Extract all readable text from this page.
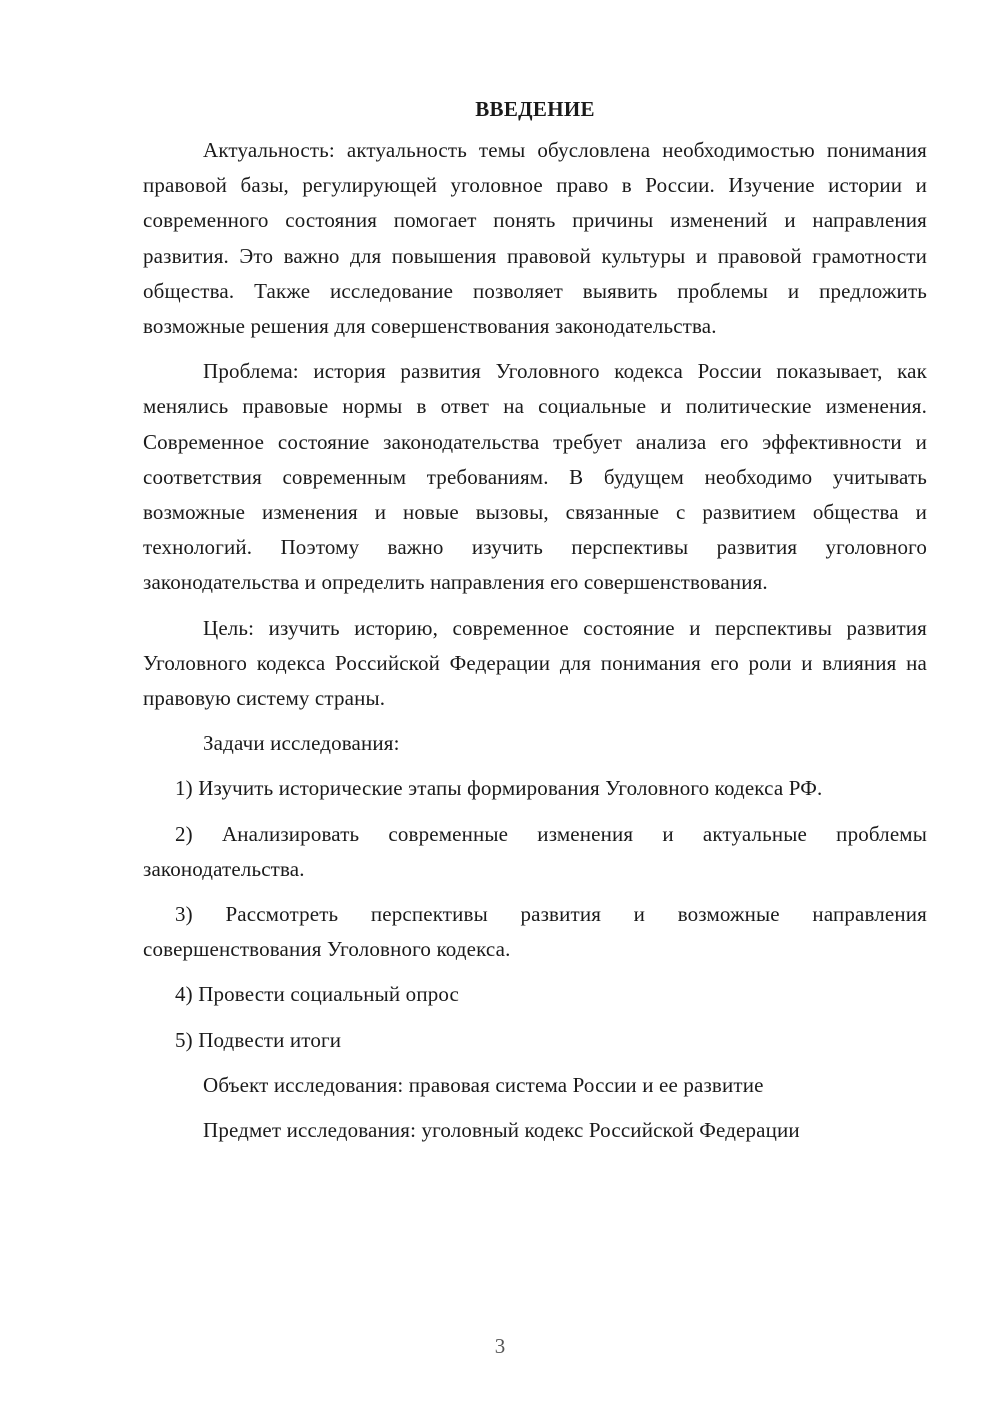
ВВЕДЕНИЕ

Актуальность: актуальность темы обусловлена необходимостью понимания правовой базы, регулирующей уголовное право в России. Изучение истории и современного состояния помогает понять причины изменений и направления развития. Это важно для повышения правовой культуры и правовой грамотности общества. Также исследование позволяет выявить проблемы и предложить возможные решения для совершенствования законодательства.

Проблема: история развития Уголовного кодекса России показывает, как менялись правовые нормы в ответ на социальные и политические изменения. Современное состояние законодательства требует анализа его эффективности и соответствия современным требованиям. В будущем необходимо учитывать возможные изменения и новые вызовы, связанные с развитием общества и технологий. Поэтому важно изучить перспективы развития уголовного законодательства и определить направления его совершенствования.

Цель: изучить историю, современное состояние и перспективы развития Уголовного кодекса Российской Федерации для понимания его роли и влияния на правовую систему страны.

Задачи исследования:

1) Изучить исторические этапы формирования Уголовного кодекса РФ.

2) Анализировать современные изменения и актуальные проблемы законодательства.

3) Рассмотреть перспективы развития и возможные направления совершенствования Уголовного кодекса.

4) Провести социальный опрос

5) Подвести итоги

Объект исследования: правовая система России и ее развитие

Предмет исследования: уголовный кодекс Российской Федерации

3
